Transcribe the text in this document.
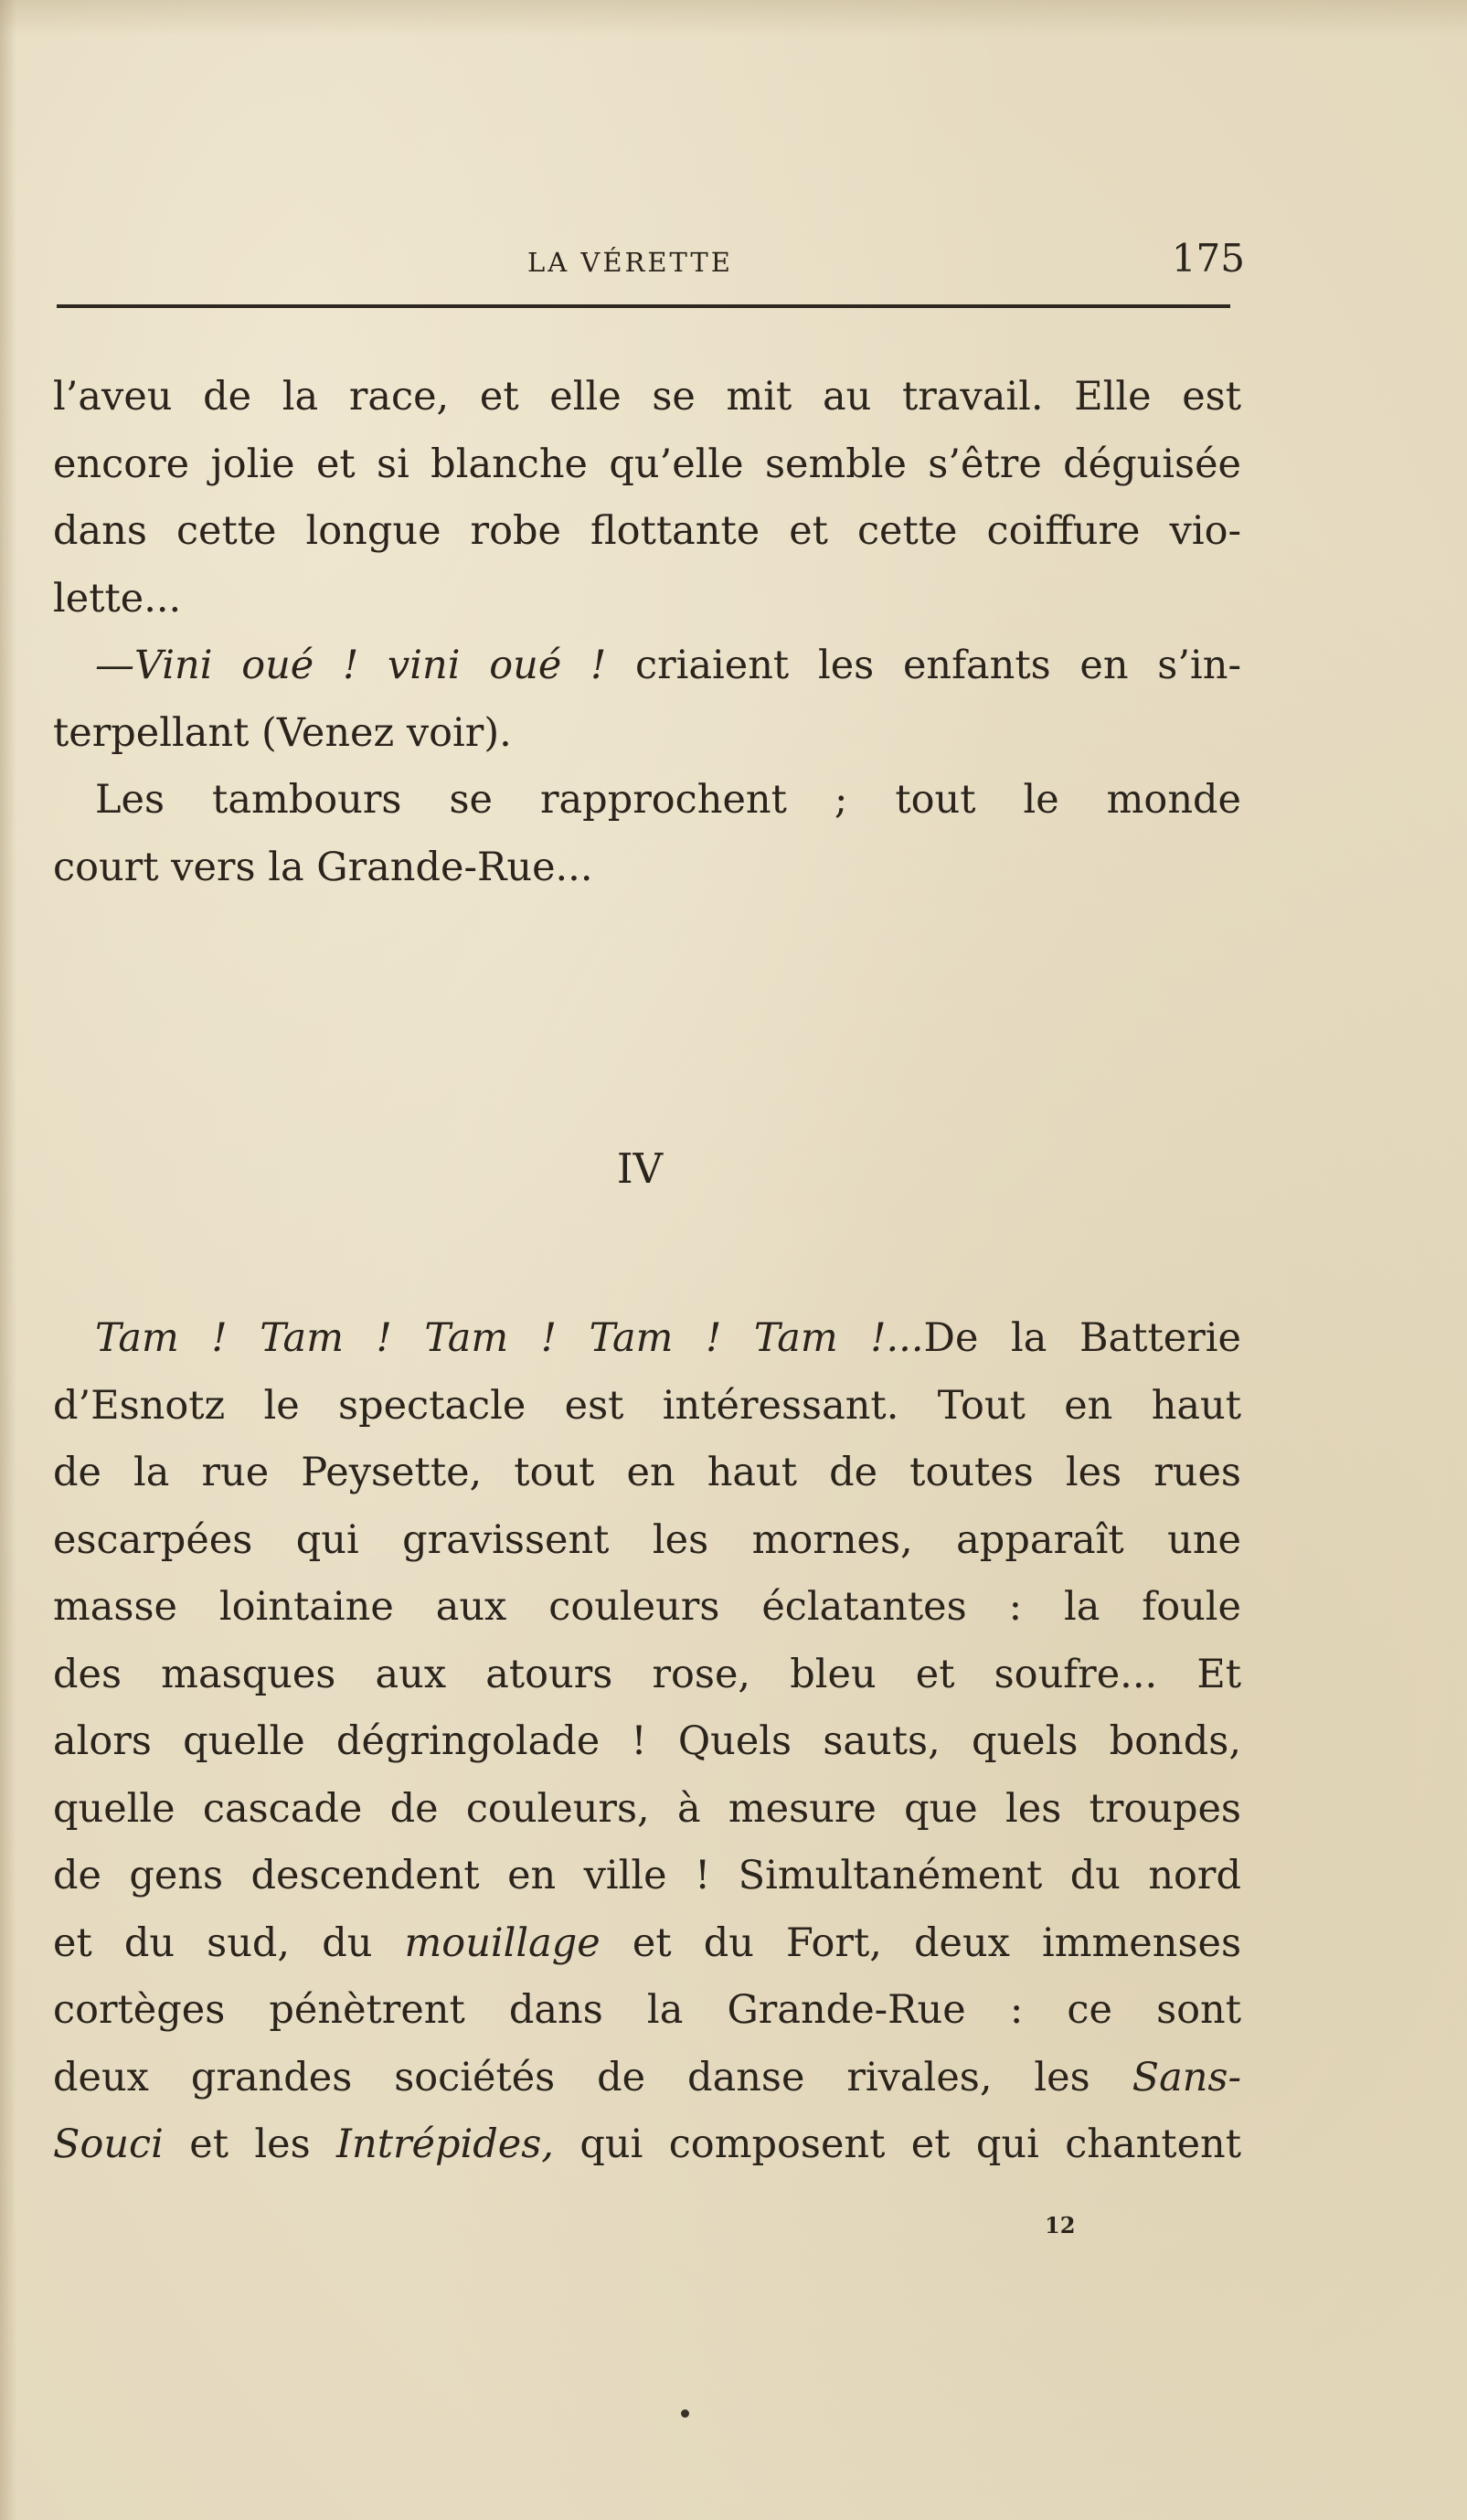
LA VÉRETTE	175
l’aveu de la race, et elle se mit au travail. Elle est
encore jolie et si blanche qu’elle semble s’être déguisée
dans cette longue robe flottante et cette coiffure vio-
lette...
—Vini oué ! vini oué ! criaient les enfants en s’in-
terpellant (Venez voir).
Les tambours se rapprochent ; tout le monde
court vers la Grande-Rue...
IV
Tam ! Tam ! Tam ! Tam ! Tam !...De la Batterie
d’Esnotz le spectacle est intéressant. Tout en haut
de la rue Peysette, tout en haut de toutes les rues
escarpées qui gravissent les mornes, apparaît une
masse lointaine aux couleurs éclatantes : la foule
des masques aux atours rose, bleu et soufre... Et
alors quelle dégringolade ! Quels sauts, quels bonds,
quelle cascade de couleurs, à mesure que les troupes
de gens descendent en ville ! Simultanément du nord
et du sud, du mouillage et du Fort, deux immenses
cortèges pénètrent dans la Grande-Rue : ce sont
deux grandes sociétés de danse rivales, les Sans-
Souci et les Intrépides, qui composent et qui chantent
12
